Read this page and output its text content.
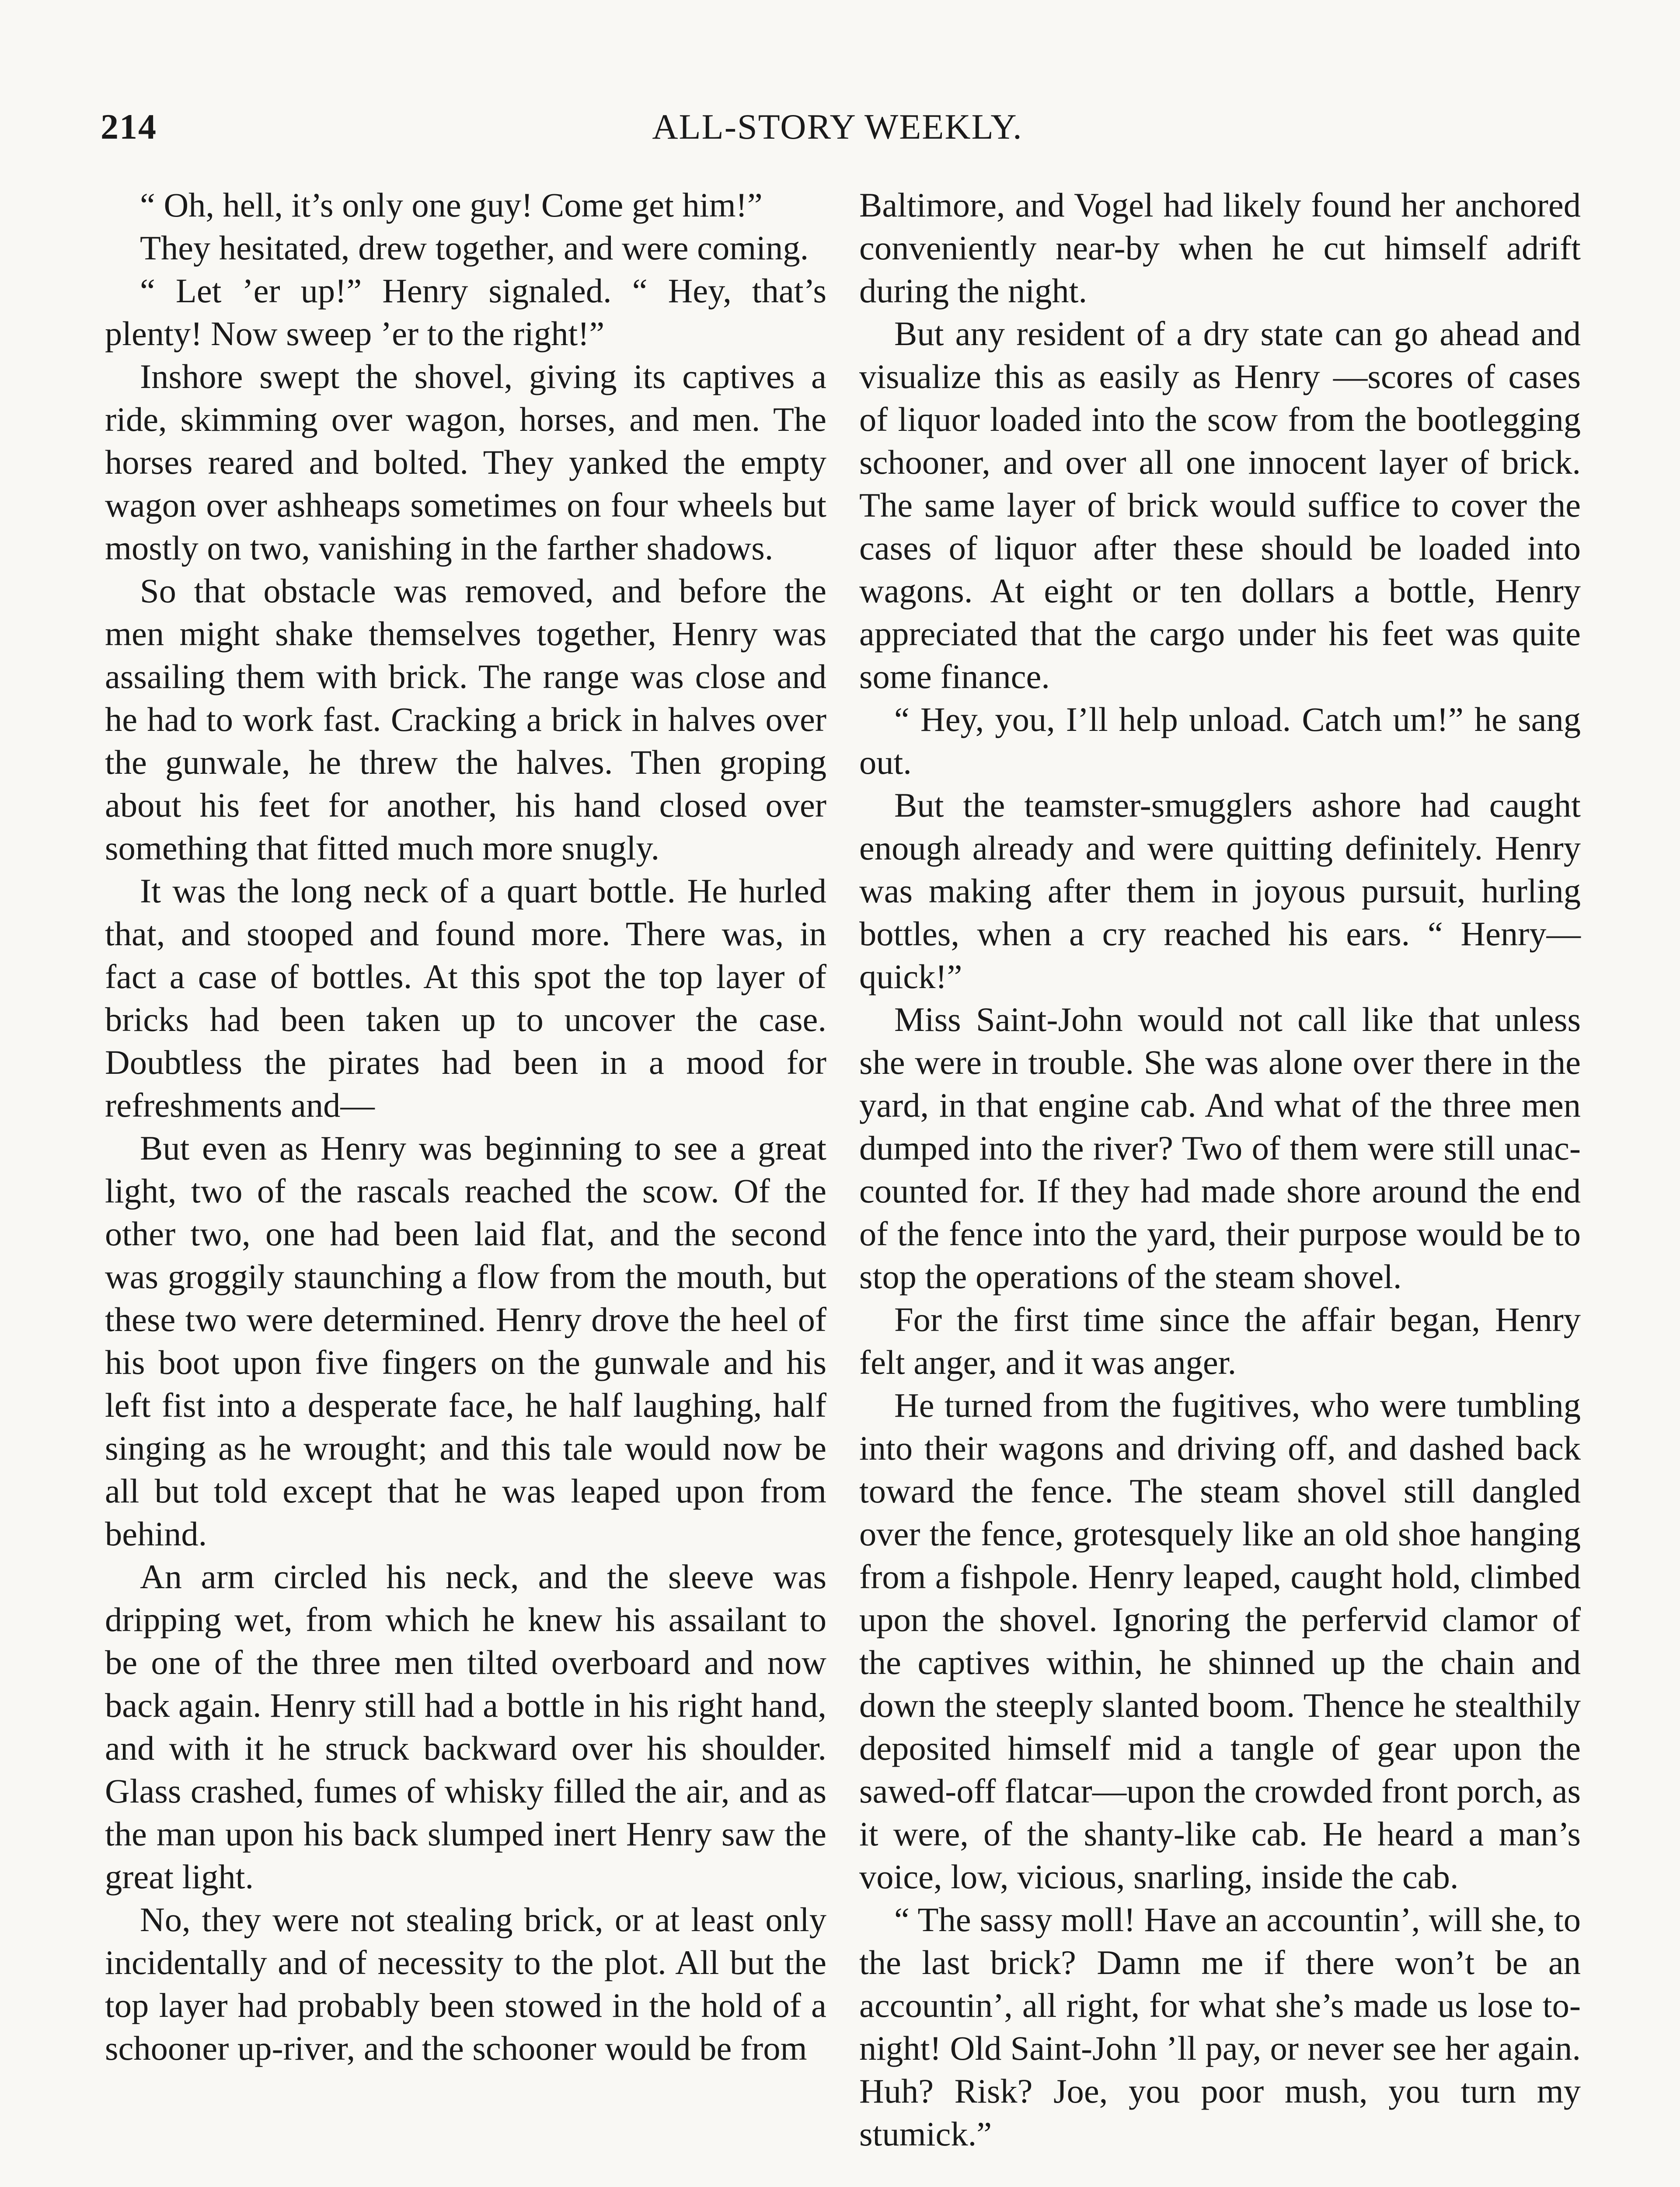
214	ALL-STORY WEEKLY.

“ Oh, hell, it’s only one guy! Come get him!”

They hesitated, drew together, and were coming.

“ Let ’er up!” Henry signaled. “ Hey, that’s plenty! Now sweep ’er to the right!”

Inshore swept the shovel, giving its captives a ride, skimming over wagon, horses, and men. The horses reared and bolted. They yanked the empty wagon over ashheaps sometimes on four wheels but mostly on two, vanishing in the farther shadows.

So that obstacle was removed, and before the men might shake themselves together, Henry was assailing them with brick. The range was close and he had to work fast. Cracking a brick in halves over the gunwale, he threw the halves. Then groping about his feet for another, his hand closed over something that fitted much more snugly.

It was the long neck of a quart bottle. He hurled that, and stooped and found more. There was, in fact a case of bottles. At this spot the top layer of bricks had been taken up to uncover the case. Doubtless the pirates had been in a mood for refreshments and—

But even as Henry was beginning to see a great light, two of the rascals reached the scow. Of the other two, one had been laid flat, and the second was groggily staunching a flow from the mouth, but these two were determined. Henry drove the heel of his boot upon five fingers on the gunwale and his left fist into a desperate face, he half laughing, half singing as he wrought; and this tale would now be all but told except that he was leaped upon from behind.

An arm circled his neck, and the sleeve was dripping wet, from which he knew his assailant to be one of the three men tilted overboard and now back again. Henry still had a bottle in his right hand, and with it he struck backward over his shoulder. Glass crashed, fumes of whisky filled the air, and as the man upon his back slumped inert Henry saw the great light.

No, they were not stealing brick, or at least only incidentally and of necessity to the plot. All but the top layer had probably been stowed in the hold of a schooner up-river, and the schooner would be from

Baltimore, and Vogel had likely found her anchored conveniently near-by when he cut himself adrift during the night.

But any resident of a dry state can go ahead and visualize this as easily as Henry —scores of cases of liquor loaded into the scow from the bootlegging schooner, and over all one innocent layer of brick. The same layer of brick would suffice to cover the cases of liquor after these should be loaded into wagons. At eight or ten dollars a bottle, Henry appreciated that the cargo under his feet was quite some finance.

“ Hey, you, I’ll help unload. Catch um!” he sang out.

But the teamster-smugglers ashore had caught enough already and were quitting definitely. Henry was making after them in joyous pursuit, hurling bottles, when a cry reached his ears. “ Henry—quick!”

Miss Saint-John would not call like that unless she were in trouble. She was alone over there in the yard, in that engine cab. And what of the three men dumped into the river? Two of them were still unaccounted for. If they had made shore around the end of the fence into the yard, their purpose would be to stop the operations of the steam shovel.

For the first time since the affair began, Henry felt anger, and it was anger.

He turned from the fugitives, who were tumbling into their wagons and driving off, and dashed back toward the fence. The steam shovel still dangled over the fence, grotesquely like an old shoe hanging from a fishpole. Henry leaped, caught hold, climbed upon the shovel. Ignoring the perfervid clamor of the captives within, he shinned up the chain and down the steeply slanted boom. Thence he stealthily deposited himself mid a tangle of gear upon the sawed-off flatcar—upon the crowded front porch, as it were, of the shanty-like cab. He heard a man’s voice, low, vicious, snarling, inside the cab.

“ The sassy moll! Have an accountin’, will she, to the last brick? Damn me if there won’t be an accountin’, all right, for what she’s made us lose to-night! Old Saint-John ’ll pay, or never see her again. Huh? Risk? Joe, you poor mush, you turn my stumick.”
